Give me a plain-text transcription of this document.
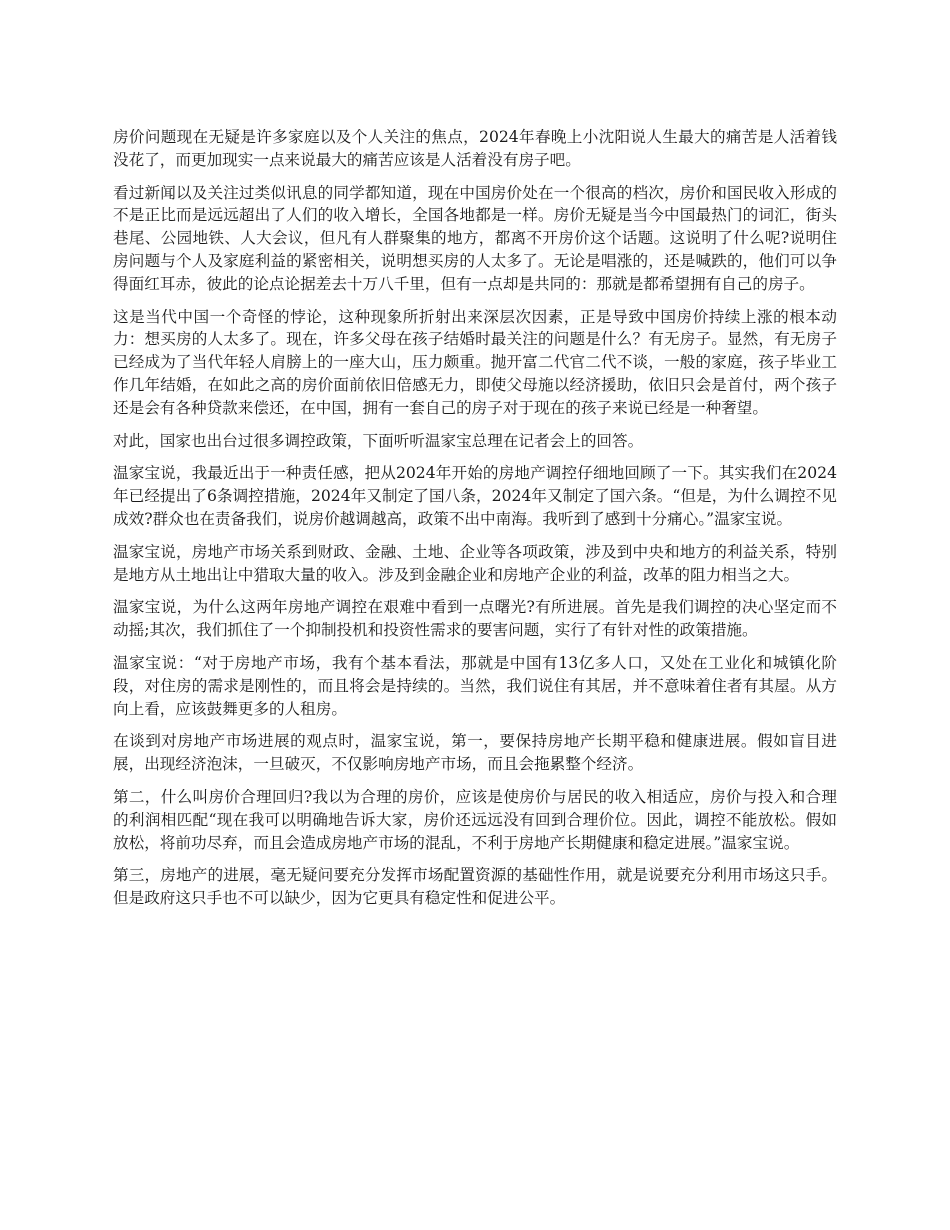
房价问题现在无疑是许多家庭以及个人关注的焦点，2024年春晚上小沈阳说人生最大的痛苦是人活着钱没花了，而更加现实一点来说最大的痛苦应该是人活着没有房子吧。

看过新闻以及关注过类似讯息的同学都知道，现在中国房价处在一个很高的档次，房价和国民收入形成的不是正比而是远远超出了人们的收入增长，全国各地都是一样。房价无疑是当今中国最热门的词汇，街头巷尾、公园地铁、人大会议，但凡有人群聚集的地方，都离不开房价这个话题。这说明了什么呢?说明住房问题与个人及家庭利益的紧密相关，说明想买房的人太多了。无论是唱涨的，还是喊跌的，他们可以争得面红耳赤，彼此的论点论据差去十万八千里，但有一点却是共同的：那就是都希望拥有自己的房子。

这是当代中国一个奇怪的悖论，这种现象所折射出来深层次因素，正是导致中国房价持续上涨的根本动力：想买房的人太多了。现在，许多父母在孩子结婚时最关注的问题是什么？有无房子。显然，有无房子已经成为了当代年轻人肩膀上的一座大山，压力颇重。抛开富二代官二代不谈，一般的家庭，孩子毕业工作几年结婚，在如此之高的房价面前依旧倍感无力，即使父母施以经济援助，依旧只会是首付，两个孩子还是会有各种贷款来偿还，在中国，拥有一套自己的房子对于现在的孩子来说已经是一种奢望。

对此，国家也出台过很多调控政策，下面听听温家宝总理在记者会上的回答。

温家宝说，我最近出于一种责任感，把从2024年开始的房地产调控仔细地回顾了一下。其实我们在2024年已经提出了6条调控措施，2024年又制定了国八条，2024年又制定了国六条。“但是，为什么调控不见成效?群众也在责备我们，说房价越调越高，政策不出中南海。我听到了感到十分痛心。”温家宝说。

温家宝说，房地产市场关系到财政、金融、土地、企业等各项政策，涉及到中央和地方的利益关系，特别是地方从土地出让中猎取大量的收入。涉及到金融企业和房地产企业的利益，改革的阻力相当之大。

温家宝说，为什么这两年房地产调控在艰难中看到一点曙光?有所进展。首先是我们调控的决心坚定而不动摇;其次，我们抓住了一个抑制投机和投资性需求的要害问题，实行了有针对性的政策措施。

温家宝说：“对于房地产市场，我有个基本看法，那就是中国有13亿多人口，又处在工业化和城镇化阶段，对住房的需求是刚性的，而且将会是持续的。当然，我们说住有其居，并不意味着住者有其屋。从方向上看，应该鼓舞更多的人租房。

在谈到对房地产市场进展的观点时，温家宝说，第一，要保持房地产长期平稳和健康进展。假如盲目进展，出现经济泡沫，一旦破灭，不仅影响房地产市场，而且会拖累整个经济。

第二，什么叫房价合理回归?我以为合理的房价，应该是使房价与居民的收入相适应，房价与投入和合理的利润相匹配“现在我可以明确地告诉大家，房价还远远没有回到合理价位。因此，调控不能放松。假如放松，将前功尽弃，而且会造成房地产市场的混乱，不利于房地产长期健康和稳定进展。”温家宝说。

第三，房地产的进展，毫无疑问要充分发挥市场配置资源的基础性作用，就是说要充分利用市场这只手。但是政府这只手也不可以缺少，因为它更具有稳定性和促进公平。
